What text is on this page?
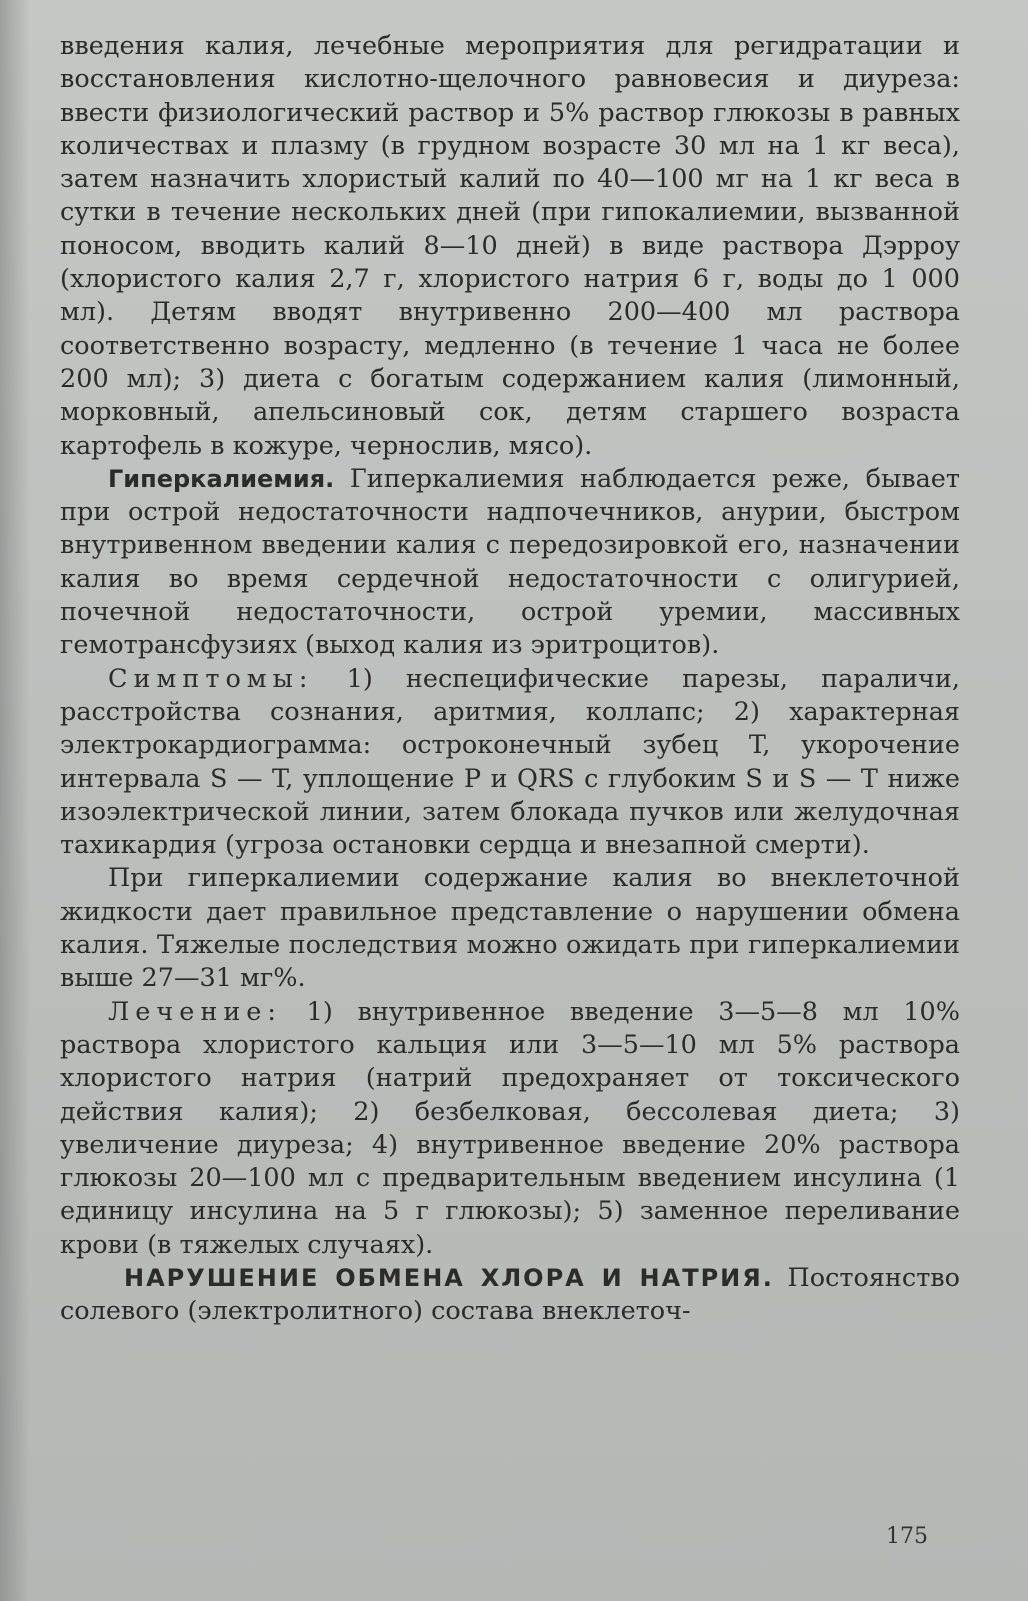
введения калия, лечебные мероприятия для регидратации и восстановления кислотно-щелочного равновесия и диуреза: ввести физиологический раствор и 5% раствор глюкозы в равных количествах и плазму (в грудном возрасте 30 мл на 1 кг веса), затем назначить хлористый калий по 40—100 мг на 1 кг веса в сутки в течение нескольких дней (при гипокалиемии, вызванной поносом, вводить калий 8—10 дней) в виде раствора Дэрроу (хлористого калия 2,7 г, хлористого натрия 6 г, воды до 1 000 мл). Детям вводят внутривенно 200—400 мл раствора соответственно возрасту, медленно (в течение 1 часа не более 200 мл); 3) диета с богатым содержанием калия (лимонный, морковный, апельсиновый сок, детям старшего возраста картофель в кожуре, чернослив, мясо).

Гиперкалиемия. Гиперкалиемия наблюдается реже, бывает при острой недостаточности надпочечников, анурии, быстром внутривенном введении калия с передозировкой его, назначении калия во время сердечной недостаточности с олигурией, почечной недостаточности, острой уремии, массивных гемотрансфузиях (выход калия из эритроцитов).

Симптомы: 1) неспецифические парезы, параличи, расстройства сознания, аритмия, коллапс; 2) характерная электрокардиограмма: остроконечный зубец T, укорочение интервала S — T, уплощение P и QRS с глубоким S и S — T ниже изоэлектрической линии, затем блокада пучков или желудочная тахикардия (угроза остановки сердца и внезапной смерти).

При гиперкалиемии содержание калия во внеклеточной жидкости дает правильное представление о нарушении обмена калия. Тяжелые последствия можно ожидать при гиперкалиемии выше 27—31 мг%.

Лечение: 1) внутривенное введение 3—5—8 мл 10% раствора хлористого кальция или 3—5—10 мл 5% раствора хлористого натрия (натрий предохраняет от токсического действия калия); 2) безбелковая, бессолевая диета; 3) увеличение диуреза; 4) внутривенное введение 20% раствора глюкозы 20—100 мл с предварительным введением инсулина (1 единицу инсулина на 5 г глюкозы); 5) заменное переливание крови (в тяжелых случаях).

НАРУШЕНИЕ ОБМЕНА ХЛОРА И НАТРИЯ. Постоянство солевого (электролитного) состава внеклеточ-

175
